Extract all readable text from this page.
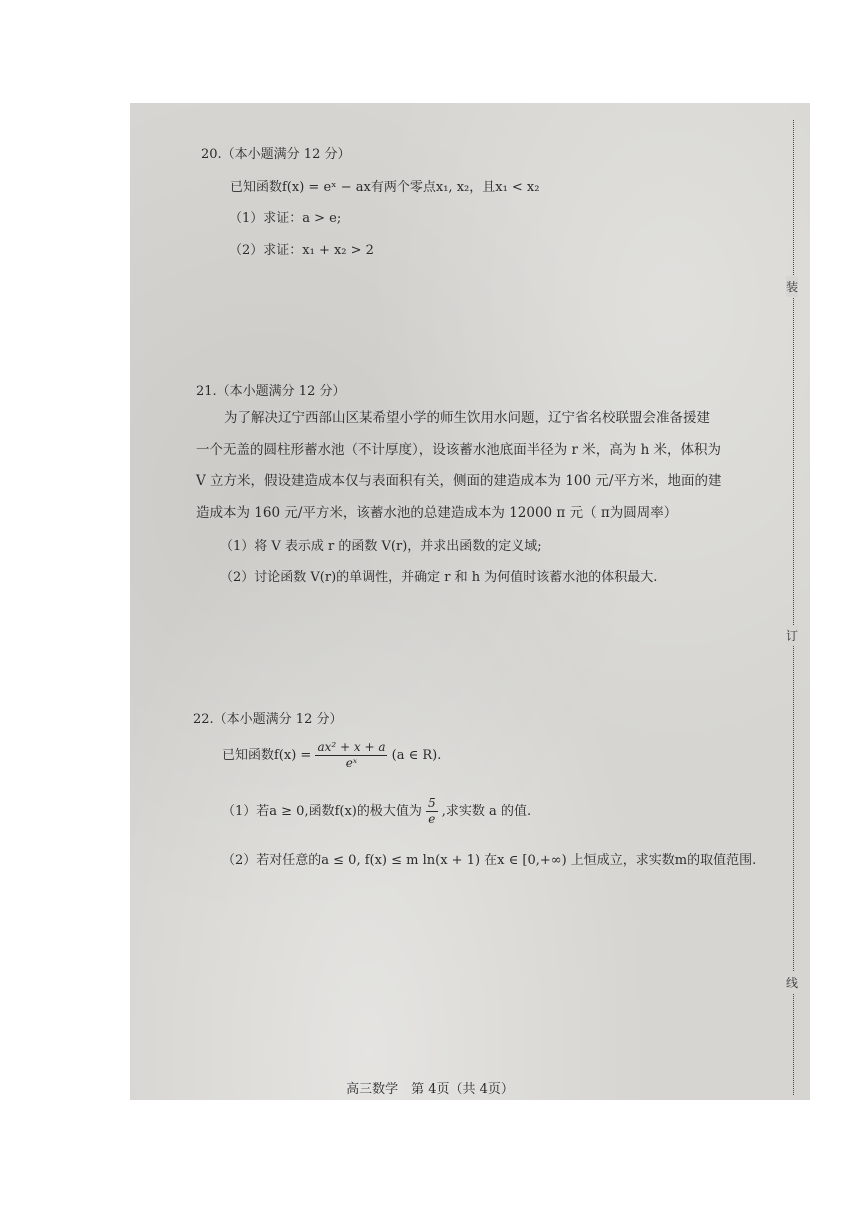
装
订
线
20.（本小题满分 12 分）
已知函数f(x) = eˣ − ax有两个零点x₁, x₂，且x₁ < x₂
（1）求证：a > e;
（2）求证：x₁ + x₂ > 2
21.（本小题满分 12 分）
为了解决辽宁西部山区某希望小学的师生饮用水问题，辽宁省名校联盟会准备援建
一个无盖的圆柱形蓄水池（不计厚度），设该蓄水池底面半径为 r 米，高为 h 米，体积为
V 立方米，假设建造成本仅与表面积有关，侧面的建造成本为 100 元/平方米，地面的建
造成本为 160 元/平方米，该蓄水池的总建造成本为 12000 π 元（ π为圆周率）
（1）将 V 表示成 r 的函数 V(r)，并求出函数的定义域;
（2）讨论函数 V(r)的单调性，并确定 r 和 h 为何值时该蓄水池的体积最大.
22.（本小题满分 12 分）
已知函数$f(x) = \frac{\text{ax² + x + a}}{\text{eˣ}} (a$ ∈ R).
（1）若a ≥ 0,函数f(x)的极大值为 $\frac{5}{e}$ ,求实数 a 的值.
（2）若对任意的a ≤ 0, f(x) ≤ m ln(x + 1) 在x ∈ [0,+∞) 上恒成立，求实数m的取值范围.
高三数学　第 4页（共 4页）
